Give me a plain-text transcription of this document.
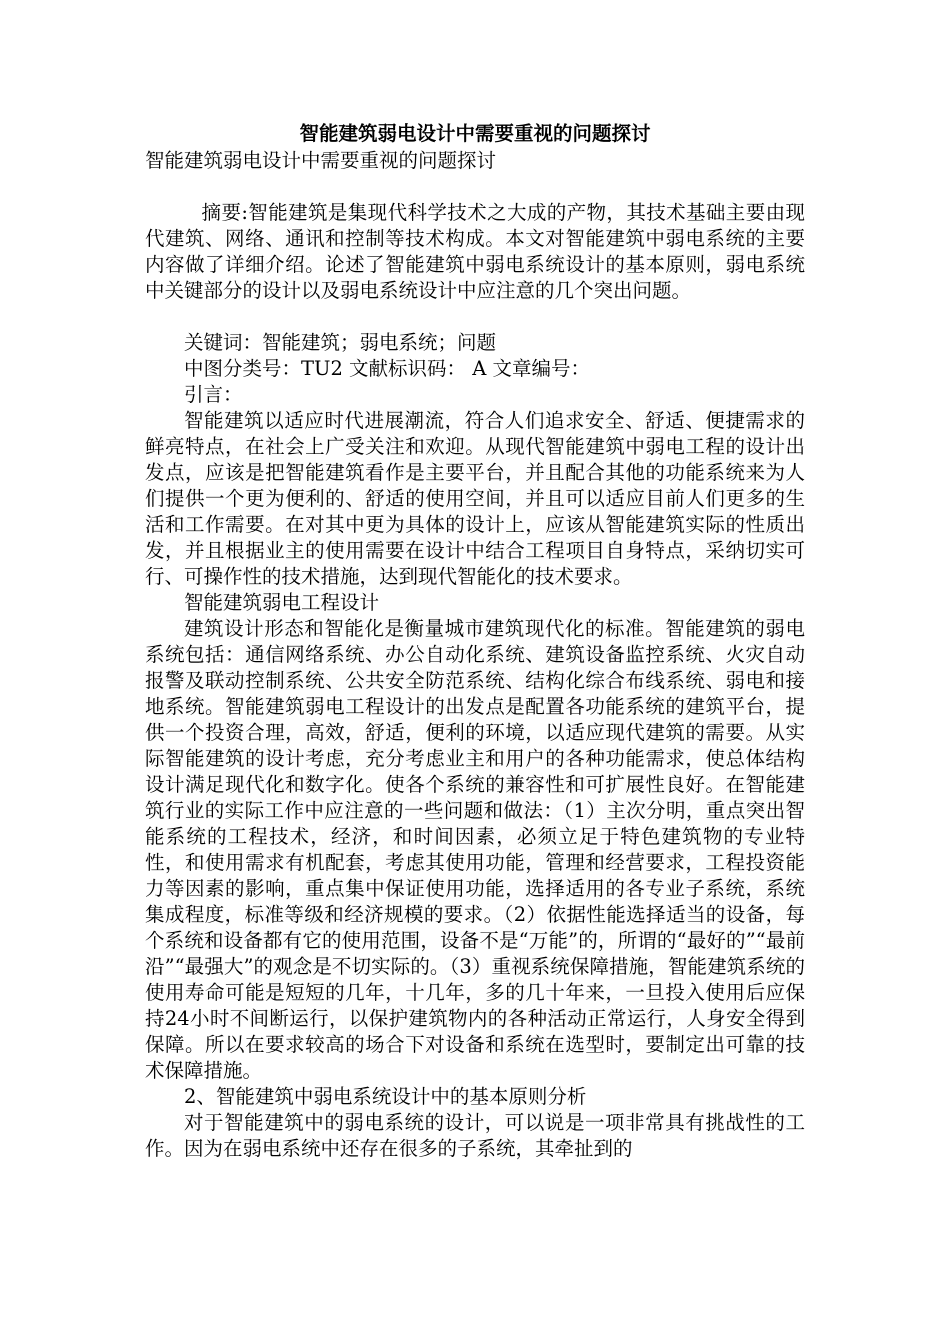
智能建筑弱电设计中需要重视的问题探讨

智能建筑弱电设计中需要重视的问题探讨

摘要:智能建筑是集现代科学技术之大成的产物，其技术基础主要由现代建筑、网络、通讯和控制等技术构成。本文对智能建筑中弱电系统的主要内容做了详细介绍。论述了智能建筑中弱电系统设计的基本原则，弱电系统中关键部分的设计以及弱电系统设计中应注意的几个突出问题。

关键词：智能建筑；弱电系统；问题

中图分类号：TU2 文献标识码： A 文章编号：

引言：

智能建筑以适应时代进展潮流，符合人们追求安全、舒适、便捷需求的鲜亮特点，在社会上广受关注和欢迎。从现代智能建筑中弱电工程的设计出发点，应该是把智能建筑看作是主要平台，并且配合其他的功能系统来为人们提供一个更为便利的、舒适的使用空间，并且可以适应目前人们更多的生活和工作需要。在对其中更为具体的设计上，应该从智能建筑实际的性质出发，并且根据业主的使用需要在设计中结合工程项目自身特点，采纳切实可行、可操作性的技术措施，达到现代智能化的技术要求。

智能建筑弱电工程设计

建筑设计形态和智能化是衡量城市建筑现代化的标准。智能建筑的弱电系统包括：通信网络系统、办公自动化系统、建筑设备监控系统、火灾自动报警及联动控制系统、公共安全防范系统、结构化综合布线系统、弱电和接地系统。智能建筑弱电工程设计的出发点是配置各功能系统的建筑平台，提供一个投资合理，高效，舒适，便利的环境，以适应现代建筑的需要。从实际智能建筑的设计考虑，充分考虑业主和用户的各种功能需求，使总体结构设计满足现代化和数字化。使各个系统的兼容性和可扩展性良好。在智能建筑行业的实际工作中应注意的一些问题和做法：（1）主次分明，重点突出智能系统的工程技术，经济，和时间因素，必须立足于特色建筑物的专业特性，和使用需求有机配套，考虑其使用功能，管理和经营要求，工程投资能力等因素的影响，重点集中保证使用功能，选择适用的各专业子系统，系统集成程度，标准等级和经济规模的要求。（2）依据性能选择适当的设备，每个系统和设备都有它的使用范围，设备不是“万能”的，所谓的“最好的”“最前沿”“最强大”的观念是不切实际的。（3）重视系统保障措施，智能建筑系统的使用寿命可能是短短的几年，十几年，多的几十年来，一旦投入使用后应保持24小时不间断运行，以保护建筑物内的各种活动正常运行，人身安全得到保障。所以在要求较高的场合下对设备和系统在选型时，要制定出可靠的技术保障措施。

2、智能建筑中弱电系统设计中的基本原则分析

对于智能建筑中的弱电系统的设计，可以说是一项非常具有挑战性的工作。因为在弱电系统中还存在很多的子系统，其牵扯到的
